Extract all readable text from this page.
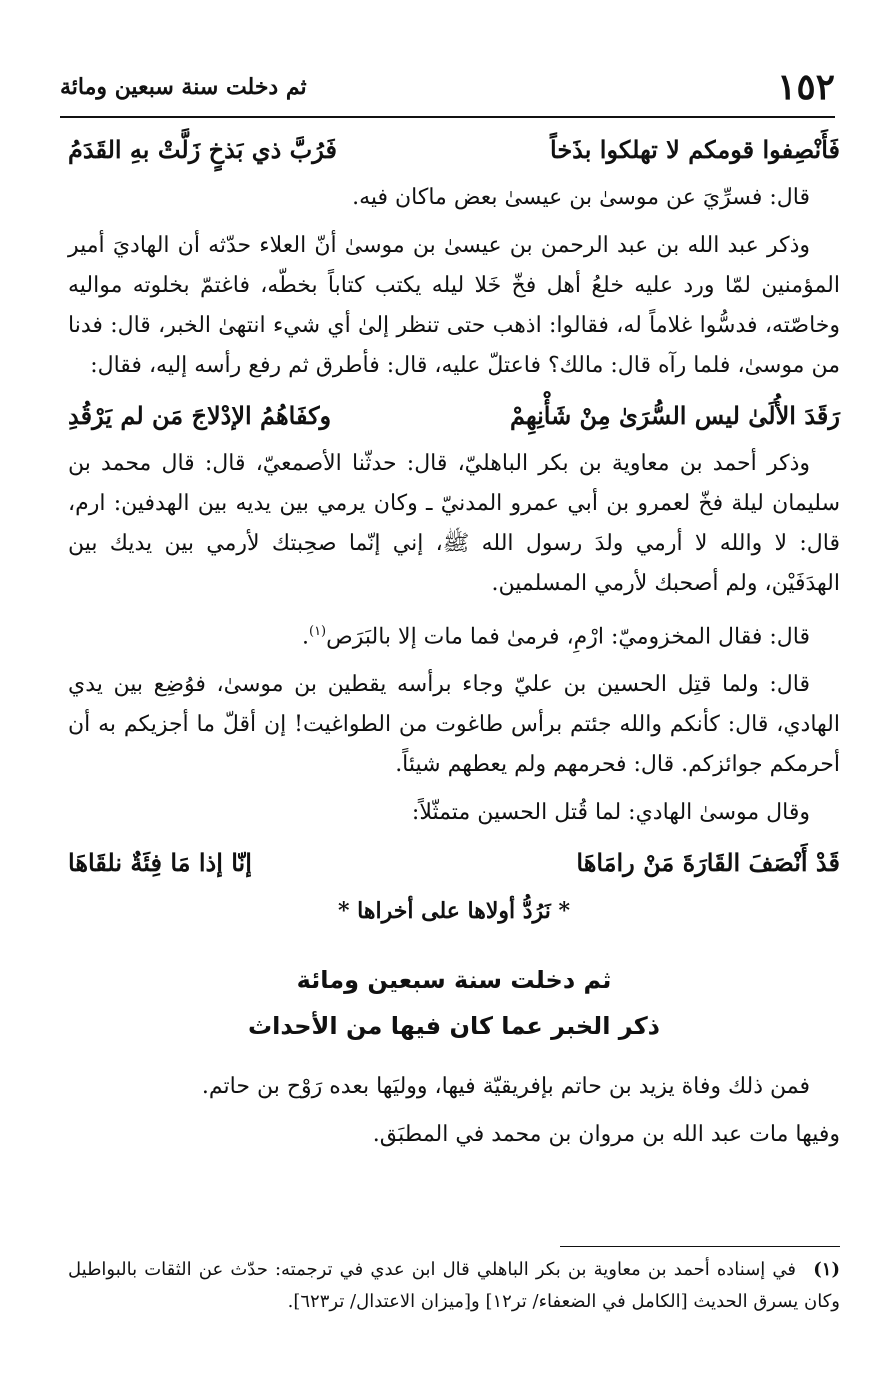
١٥٢
ثم دخلت سنة سبعين ومائة
فَأَنْصِفوا قومكم لا تهلكوا بذَخاً
فَرُبَّ ذي بَذخٍ زَلَّتْ بهِ القَدَمُ

قال: فسرِّيَ عن موسىٰ بن عيسىٰ بعض ماكان فيه.

وذكر عبد الله بن عبد الرحمن بن عيسىٰ بن موسىٰ أنّ العلاء حدّثه أن الهاديَ أمير المؤمنين لمّا ورد عليه خلعُ أهل فخّ خَلا ليله يكتب كتاباً بخطّه، فاغتمّ بخلوته مواليه وخاصّته، فدسُّوا غلاماً له، فقالوا: اذهب حتى تنظر إلىٰ أي شيء انتهىٰ الخبر، قال: فدنا من موسىٰ، فلما رآه قال: مالك؟ فاعتلّ عليه، قال: فأطرق ثم رفع رأسه إليه، فقال:

رَقَدَ الأُلَىٰ ليس السُّرَىٰ مِنْ شَأْنِهِمْ
وكفَاهُمُ الإدْلاجَ مَن لم يَرْقُدِ

وذكر أحمد بن معاوية بن بكر الباهليّ، قال: حدثّنا الأصمعيّ، قال: قال محمد بن سليمان ليلة فخّ لعمرو بن أبي عمرو المدنيّ ـ وكان يرمي بين يديه بين الهدفين: ارم، قال: لا والله لا أرمي ولدَ رسول الله ﷺ، إني إنّما صحِبتك لأرمي بين يديك بين الهدَفَيْن، ولم أصحبك لأرمي المسلمين.

قال: فقال المخزوميّ: ارْمِ، فرمىٰ فما مات إلا بالبَرَص$^{(١)}$.

قال: ولما قتِل الحسين بن عليّ وجاء برأسه يقطين بن موسىٰ، فوُضِع بين يدي الهادي، قال: كأنكم والله جئتم برأس طاغوت من الطواغيت! إن أقلّ ما أجزيكم به أن أحرمكم جوائزكم. قال: فحرمهم ولم يعطهم شيئاً.

وقال موسىٰ الهادي: لما قُتل الحسين متمثّلاً:

قَدْ أَنْصَفَ القَارَةَ مَنْ رامَاهَا
إنّا إذا مَا فِئَةٌ نلقَاهَا
* نَرُدُّ أولاها على أخراها *

ثم دخلت سنة سبعين ومائة

ذكر الخبر عما كان فيها من الأحداث

فمن ذلك وفاة يزيد بن حاتم بإفريقيّة فيها، ووليَها بعده رَوْح بن حاتم.

وفيها مات عبد الله بن مروان بن محمد في المطبَق.

(١)في إسناده أحمد بن معاوية بن بكر الباهلي قال ابن عدي في ترجمته: حدّث عن الثقات بالبواطيل وكان يسرق الحديث [الكامل في الضعفاء/ تر١٢] و[ميزان الاعتدال/ تر٦٢٣].
